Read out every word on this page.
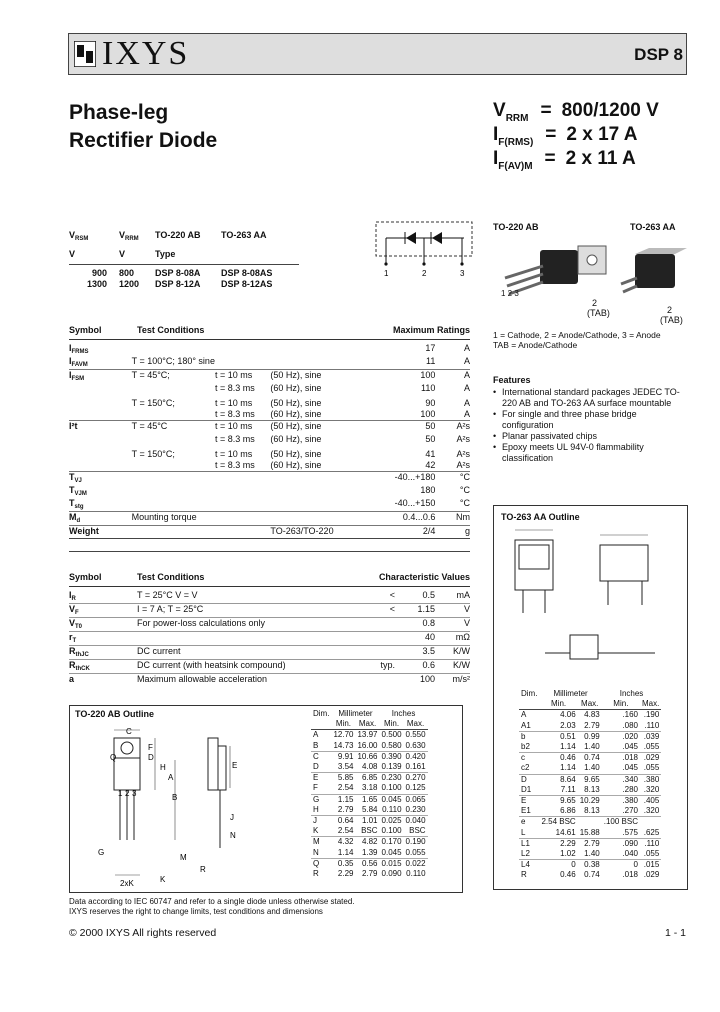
IXYS	DSP 8
Phase-leg
Rectifier Diode
V RRM = 800/1200 V
I F(RMS) = 2 x 17 A
I F(AV)M = 2 x 11 A
$V_{RSM}$	$V_{RRM}$	TO-220 AB	TO-263 AA
V	V	Type	
900	800	DSP 8-08A	DSP 8-08AS
1300	1200	DSP 8-12A	DSP 8-12AS
1	2	3
TO-220 AB	TO-263 AA
1 2 3
2
(TAB)	2
(TAB)
1 = Cathode, 2 = Anode/Cathode, 3 = Anode
TAB = Anode/Cathode
Symbol	Test Conditions	Maximum Ratings
$I_{FRMS}$				17	A
$I_{FAVM}$	T = 100°C; 180° sine			11	A
$I_{FSM}$	T = 45°C;	t = 10 ms	(50 Hz), sine	100	A
		t = 8.3 ms	(60 Hz), sine	110	A
	T = 150°C;	t = 10 ms	(50 Hz), sine	90	A
		t = 8.3 ms	(60 Hz), sine	100	A
I²t	T = 45°C	t = 10 ms	(50 Hz), sine	50	A²s
		t = 8.3 ms	(60 Hz), sine	50	A²s
	T = 150°C;	t = 10 ms	(50 Hz), sine	41	A²s
		t = 8.3 ms	(60 Hz), sine	42	A²s
$T_{VJ}$				-40...+180	°C
$T_{VJM}$				180	°C
$T_{stg}$				-40...+150	°C
$M_d$	Mounting torque			0.4...0.6	Nm
Weight			TO-263/TO-220	2/4	g
Symbol	Test Conditions	Characteristic Values
$I_R$	T = 25°C V = V	<	0.5	mA
$V_F$	I = 7 A; T = 25°C	<	1.15	V
$V_{T0}$	For power-loss calculations only		0.8	V
$r_T$			40	mΩ
$R_{thJC}$	DC current		3.5	K/W
$R_{thCK}$	DC current (with heatsink compound)	typ.	0.6	K/W
a	Maximum allowable acceleration		100	m/s²
Features
• International standard packages JEDEC TO-220 AB and TO-263 AA surface mountable
• For single and three phase bridge configuration
• Planar passivated chips
• Epoxy meets UL 94V-0 flammability classification
TO-263 AA Outline
Dim.	Millimeter		Inches	
	Min.	Max.	Min.	Max.
A	4.06	4.83	.160	.190
A1	2.03	2.79	.080	.110
b	0.51	0.99	.020	.039
b2	1.14	1.40	.045	.055
c	0.46	0.74	.018	.029
c2	1.14	1.40	.045	.055
D	8.64	9.65	.340	.380
D1	7.11	8.13	.280	.320
E	9.65	10.29	.380	.405
E1	6.86	8.13	.270	.320
e	2.54 BSC		.100 BSC	
L	14.61	15.88	.575	.625
L1	2.29	2.79	.090	.110
L2	1.02	1.40	.040	.055
L4	0	0.38	0	.015
R	0.46	0.74	.018	.029
TO-220 AB Outline
C
F
D
Q
H
A
B
G
M
J
K
N
R
E
1 2 3
2xK
Dim.	Millimeter		Inches	
	Min.	Max.	Min.	Max.
A	12.70	13.97	0.500	0.550
B	14.73	16.00	0.580	0.630
C	9.91	10.66	0.390	0.420
D	3.54	4.08	0.139	0.161
E	5.85	6.85	0.230	0.270
F	2.54	3.18	0.100	0.125
G	1.15	1.65	0.045	0.065
H	2.79	5.84	0.110	0.230
J	0.64	1.01	0.025	0.040
K	2.54	BSC	0.100	BSC
M	4.32	4.82	0.170	0.190
N	1.14	1.39	0.045	0.055
Q	0.35	0.56	0.015	0.022
R	2.29	2.79	0.090	0.110
Data according to IEC 60747 and refer to a single diode unless otherwise stated.
IXYS reserves the right to change limits, test conditions and dimensions
© 2000 IXYS All rights reserved	1 - 1
